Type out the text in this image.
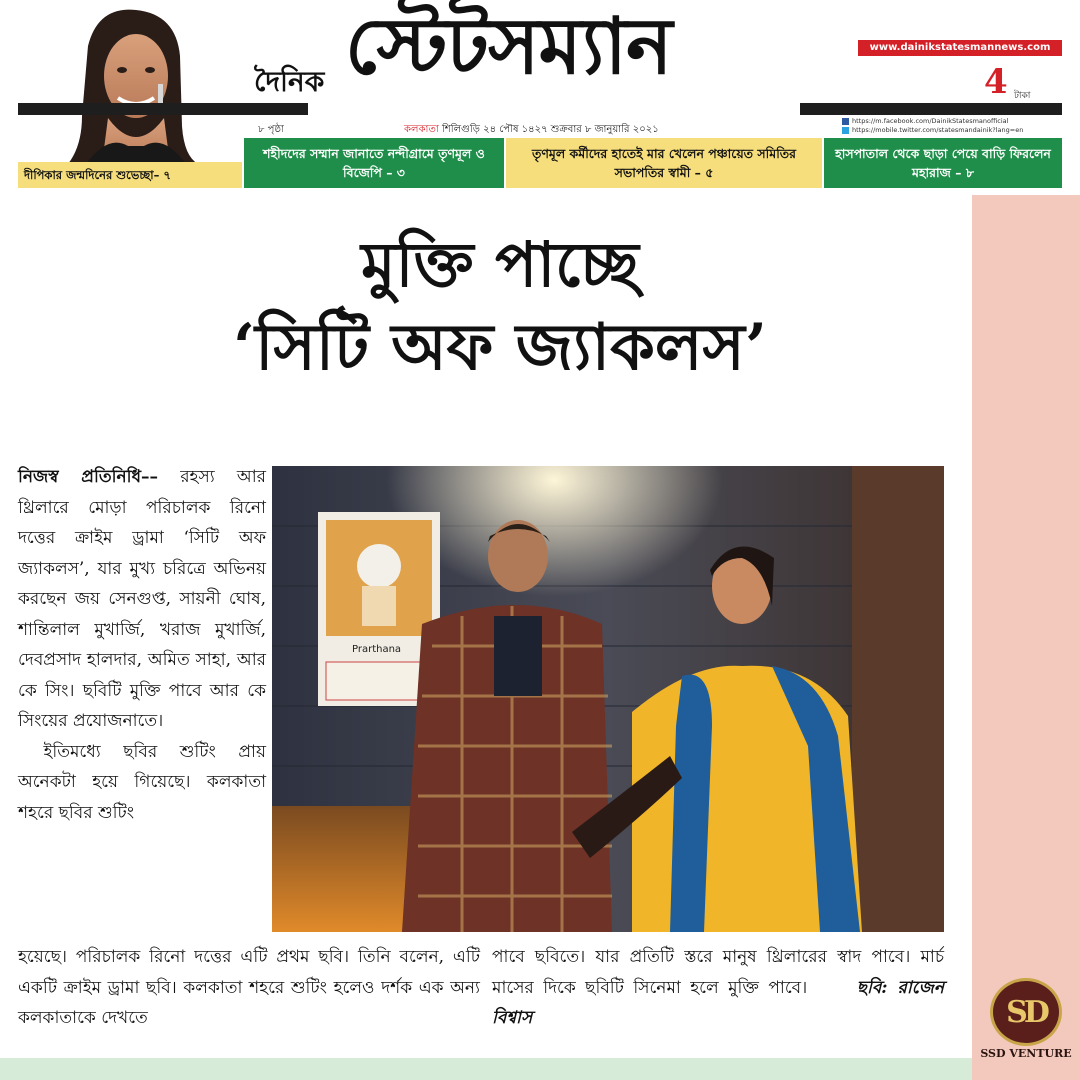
দৈনিক স্টেটসম্যান	www.dainikstatesmannews.com
4 টাকা
৮ পৃষ্ঠা	কলকাতা শিলিগুড়ি ২৪ পৌষ ১৪২৭ শুক্রবার ৮ জানুয়ারি ২০২১
https://m.facebook.com/DainikStatesmanofficial
https://mobile.twitter.com/statesmandainik?lang=en
দীপিকার জন্মদিনের শুভেচ্ছা– ৭
শহীদদের সম্মান জানাতে নন্দীগ্রামে তৃণমূল ও বিজেপি – ৩
তৃণমূল কর্মীদের হাতেই মার খেলেন পঞ্চায়েত সমিতির সভাপতির স্বামী – ৫
হাসপাতাল থেকে ছাড়া পেয়ে বাড়ি ফিরলেন মহারাজ – ৮
SD
SSD VENTURE
মুক্তি পাচ্ছে
‘সিটি অফ জ্যাকলস’

নিজস্ব প্রতিনিধি–– রহস্য আর থ্রিলারে মোড়া পরিচালক রিনো দত্তের ক্রাইম ড্রামা ‘সিটি অফ জ্যাকলস’, যার মুখ্য চরিত্রে অভিনয় করছেন জয় সেনগুপ্ত, সায়নী ঘোষ, শান্তিলাল মুখার্জি, খরাজ মুখার্জি, দেবপ্রসাদ হালদার, অমিত সাহা, আর কে সিং। ছবিটি মুক্তি পাবে আর কে সিংয়ের প্রযোজনাতে।

ইতিমধ্যে ছবির শুটিং প্রায় অনেকটা হয়ে গিয়েছে। কলকাতা শহরে ছবির শুটিং

হয়েছে। পরিচালক রিনো দত্তের এটি প্রথম ছবি। তিনি বলেন, এটি একটি ক্রাইম ড্রামা ছবি। কলকাতা শহরে শুটিং হলেও দর্শক এক অন্য কলকাতাকে দেখতে
পাবে ছবিতে। যার প্রতিটি স্তরে মানুষ থ্রিলারের স্বাদ পাবে। মার্চ মাসের দিকে ছবিটি সিনেমা হলে মুক্তি পাবে।	ছবি: রাজেন বিশ্বাস
Prarthana
